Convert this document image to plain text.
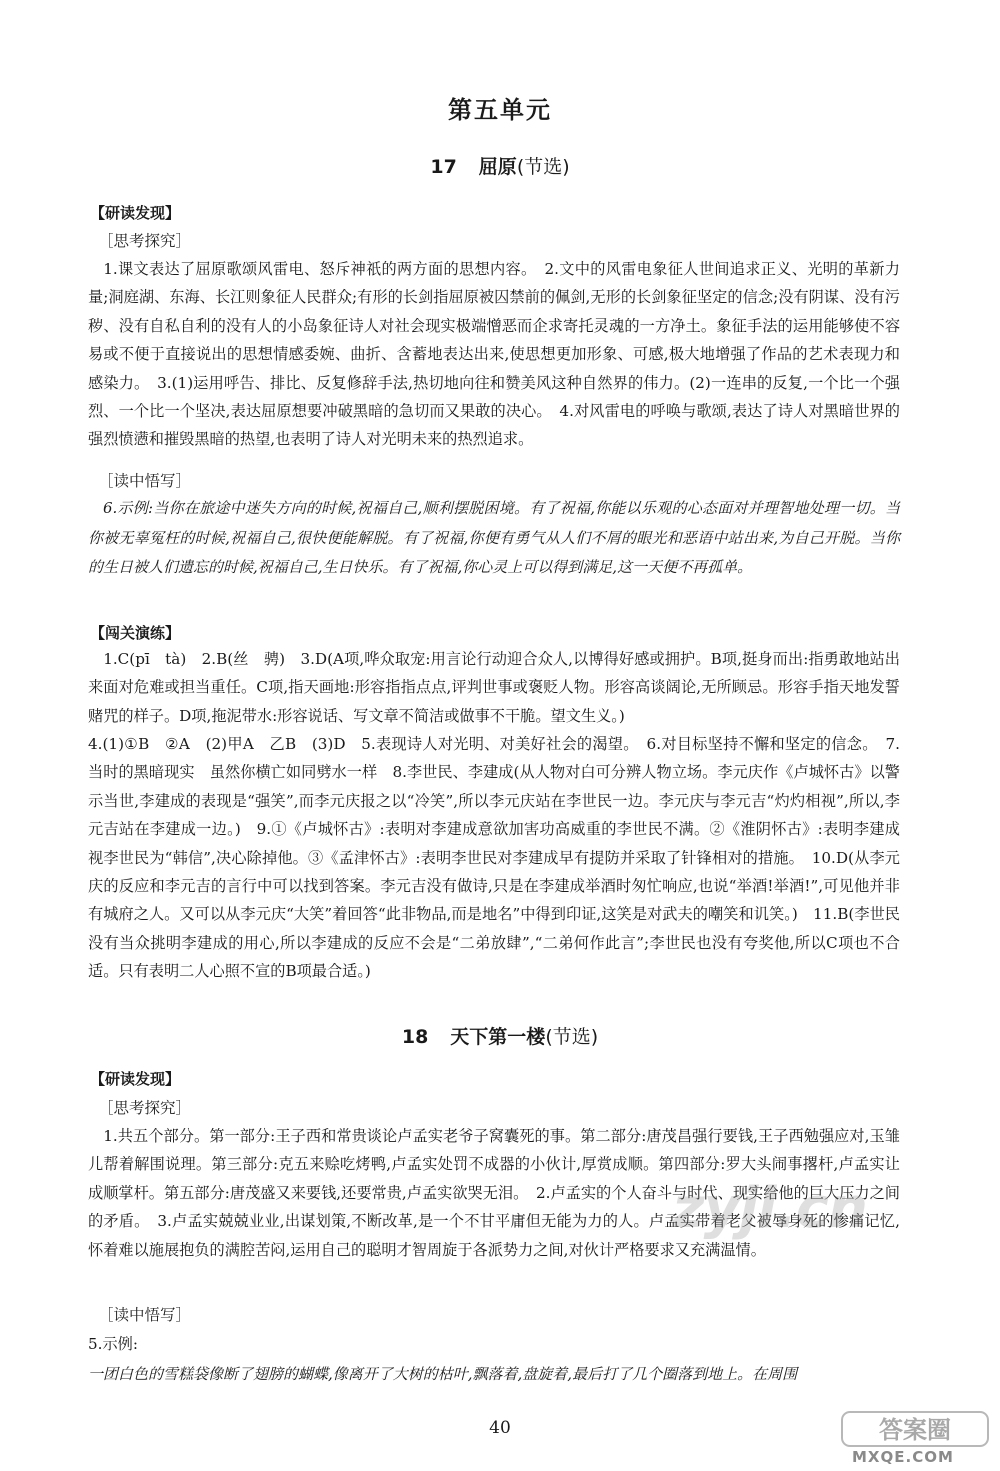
第五单元
17 屈原(节选)
【研读发现】
［思考探究］
1.课文表达了屈原歌颂风雷电、怒斥神祇的两方面的思想内容。　2.文中的风雷电象征人世间追求正义、光明的革新力量;洞庭湖、东海、长江则象征人民群众;有形的长剑指屈原被囚禁前的佩剑,无形的长剑象征坚定的信念;没有阴谋、没有污秽、没有自私自利的没有人的小岛象征诗人对社会现实极端憎恶而企求寄托灵魂的一方净土。象征手法的运用能够使不容易或不便于直接说出的思想情感委婉、曲折、含蓄地表达出来,使思想更加形象、可感,极大地增强了作品的艺术表现力和感染力。　3.(1)运用呼告、排比、反复修辞手法,热切地向往和赞美风这种自然界的伟力。(2)一连串的反复,一个比一个强烈、一个比一个坚决,表达屈原想要冲破黑暗的急切而又果敢的决心。　4.对风雷电的呼唤与歌颂,表达了诗人对黑暗世界的强烈愤懑和摧毁黑暗的热望,也表明了诗人对光明未来的热烈追求。
［读中悟写］
6.示例:当你在旅途中迷失方向的时候,祝福自己,顺利摆脱困境。有了祝福,你能以乐观的心态面对并理智地处理一切。当你被无辜冤枉的时候,祝福自己,很快便能解脱。有了祝福,你便有勇气从人们不屑的眼光和恶语中站出来,为自己开脱。当你的生日被人们遗忘的时候,祝福自己,生日快乐。有了祝福,你心灵上可以得到满足,这一天便不再孤单。
【闯关演练】
1.C(pī　tà)　2.B(丝　骋)　3.D(A项,哗众取宠:用言论行动迎合众人,以博得好感或拥护。B项,挺身而出:指勇敢地站出来面对危难或担当重任。C项,指天画地:形容指指点点,评判世事或褒贬人物。形容高谈阔论,无所顾忌。形容手指天地发誓赌咒的样子。D项,拖泥带水:形容说话、写文章不简洁或做事不干脆。望文生义。)
4.(1)①B　②A　(2)甲A　乙B　(3)D　5.表现诗人对光明、对美好社会的渴望。　6.对目标坚持不懈和坚定的信念。　7.当时的黑暗现实　虽然你横亡如同劈水一样　8.李世民、李建成(从人物对白可分辨人物立场。李元庆作《卢城怀古》以警示当世,李建成的表现是“强笑”,而李元庆报之以“冷笑”,所以李元庆站在李世民一边。李元庆与李元吉“灼灼相视”,所以,李元吉站在李建成一边。)　9.①《卢城怀古》:表明对李建成意欲加害功高威重的李世民不满。②《淮阴怀古》:表明李建成视李世民为“韩信”,决心除掉他。③《孟津怀古》:表明李世民对李建成早有提防并采取了针锋相对的措施。　10.D(从李元庆的反应和李元吉的言行中可以找到答案。李元吉没有做诗,只是在李建成举酒时匆忙响应,也说“举酒!举酒!”,可见他并非有城府之人。又可以从李元庆“大笑”着回答“此非物品,而是地名”中得到印证,这笑是对武夫的嘲笑和讥笑。)　11.B(李世民没有当众挑明李建成的用心,所以李建成的反应不会是“二弟放肆”,“二弟何作此言”;李世民也没有夸奖他,所以C项也不合适。只有表明二人心照不宣的B项最合适。)
18 天下第一楼(节选)
【研读发现】
［思考探究］
1.共五个部分。第一部分:王子西和常贵谈论卢孟实老爷子窝囊死的事。第二部分:唐茂昌强行要钱,王子西勉强应对,玉雏儿帮着解围说理。第三部分:克五来赊吃烤鸭,卢孟实处罚不成器的小伙计,厚赏成顺。第四部分:罗大头闹事撂杆,卢孟实让成顺掌杆。第五部分:唐茂盛又来要钱,还要常贵,卢孟实欲哭无泪。　2.卢孟实的个人奋斗与时代、现实给他的巨大压力之间的矛盾。　3.卢孟实兢兢业业,出谋划策,不断改革,是一个不甘平庸但无能为力的人。卢孟实带着老父被辱身死的惨痛记忆,怀着难以施展抱负的满腔苦闷,运用自己的聪明才智周旋于各派势力之间,对伙计严格要求又充满温情。
［读中悟写］
5.示例:
一团白色的雪糕袋像断了翅膀的蝴蝶,像离开了大树的枯叶,飘落着,盘旋着,最后打了几个圈落到地上。在周围
40
zyjl.cn
答案圈
MXQE.COM
